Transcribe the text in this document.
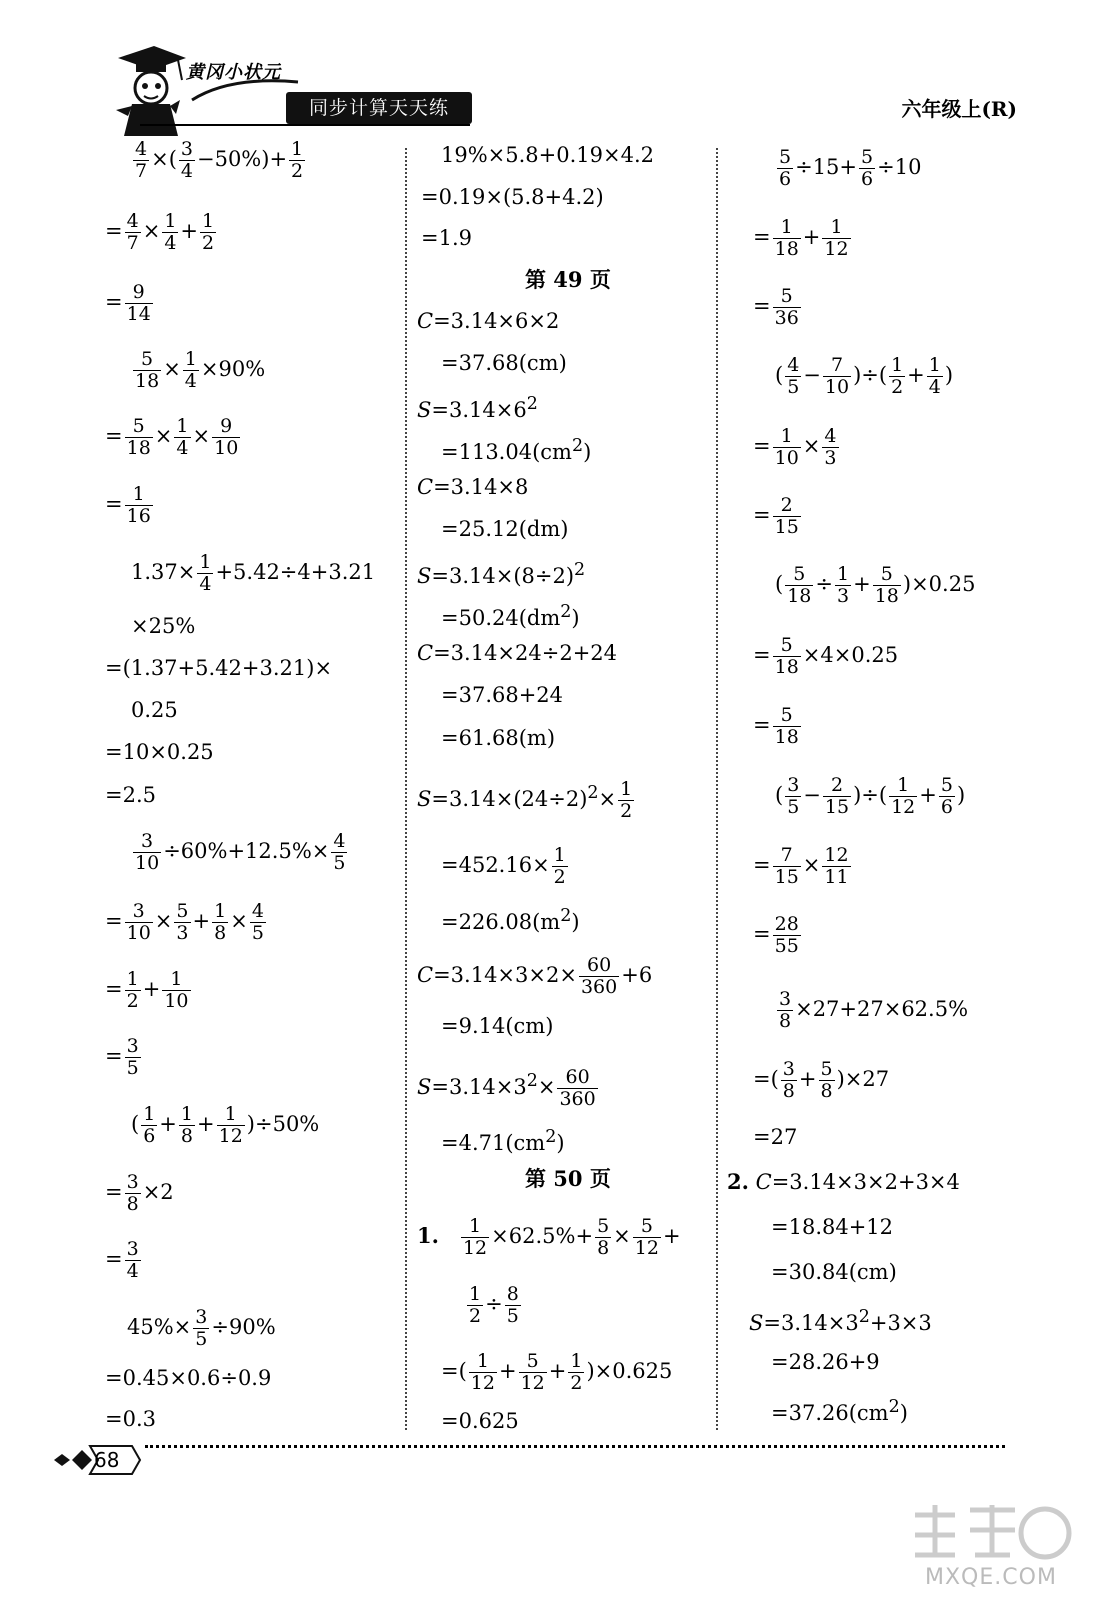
黄冈小状元
同步计算天天练	六年级上(R)
$\frac{4}{7}$ ×( $\frac{3}{4} -50\%)+ \frac{1}{2}$
= $\frac{4}{7} \times \frac{1}{4} + \frac{1}{2}$
= $\frac{9}{14}$
$\frac{5}{18} \times \frac{1}{4} \times 90\%$
= $\frac{5}{18} \times \frac{1}{4} \times \frac{9}{10}$
= $\frac{1}{16}$
$1.37\times \frac{1}{4} +5.42\div 4+3.21$
×25%
=(1.37+5.42+3.21)×
0.25
=10×0.25
=2.5
$\frac{3}{10} \div 60\%+12.5\%\times \frac{4}{5}$
= $\frac{3}{10} \times \frac{5}{3} + \frac{1}{8} \times \frac{4}{5}$
= $\frac{1}{2} + \frac{1}{10}$
= $\frac{3}{5}$
( $\frac{1}{6} + \frac{1}{8} + \frac{1}{12} )\div 50\%$
= $\frac{3}{8} \times 2$
= $\frac{3}{4}$
$45\%\times \frac{3}{5} \div 90\%$
=0.45×0.6÷0.9
=0.3
19%×5.8+0.19×4.2
=0.19×(5.8+4.2)
=1.9
第 49 页
C=3.14×6×2
=37.68(cm)
$S=3.14\times 6^2$
$=113.04(cm^2)$
C=3.14×8
=25.12(dm)
$S=3.14\times(8\div 2)^2$
$=50.24(dm^2)$
C=3.14×24÷2+24
=37.68+24
=61.68(m)
$S=3.14\times(24\div 2)^2\times \frac{1}{2}$
$=452.16\times \frac{1}{2}$
$=226.08(m^2)$
$C=3.14\times 3\times 2\times \frac{60}{360} +6$
=9.14(cm)
$S=3.14\times 3^2\times \frac{60}{360}$
$=4.71(cm^2)$
第 50 页
1. $\frac{1}{12} \times 62.5\%+ \frac{5}{8} \times \frac{5}{12}$ +
$\frac{1}{2} \div \frac{8}{5}$
=( $\frac{1}{12} + \frac{5}{12} + \frac{1}{2} )\times 0.625$
=0.625
$\frac{5}{6} \div 15+ \frac{5}{6} \div 10$
= $\frac{1}{18} + \frac{1}{12}$
= $\frac{5}{36}$
( $\frac{4}{5} - \frac{7}{10}$ )÷( $\frac{1}{2} + \frac{1}{4}$ )
= $\frac{1}{10} \times \frac{4}{3}$
= $\frac{2}{15}$
( $\frac{5}{18} \div \frac{1}{3} + \frac{5}{18} )\times 0.25$
= $\frac{5}{18} \times 4\times 0.25$
= $\frac{5}{18}$
( $\frac{3}{5} - \frac{2}{15}$ )÷( $\frac{1}{12} + \frac{5}{6}$ )
= $\frac{7}{15} \times \frac{12}{11}$
= $\frac{28}{55}$
$\frac{3}{8} \times 27+27\times 62.5\%$
=( $\frac{3}{8} + \frac{5}{8} )\times 27$
=27
2. C=3.14×3×2+3×4
=18.84+12
=30.84(cm)
$S=3.14\times 3^2+3\times 3$
=28.26+9
$=37.26(cm^2)$
68
MXQE.COM
